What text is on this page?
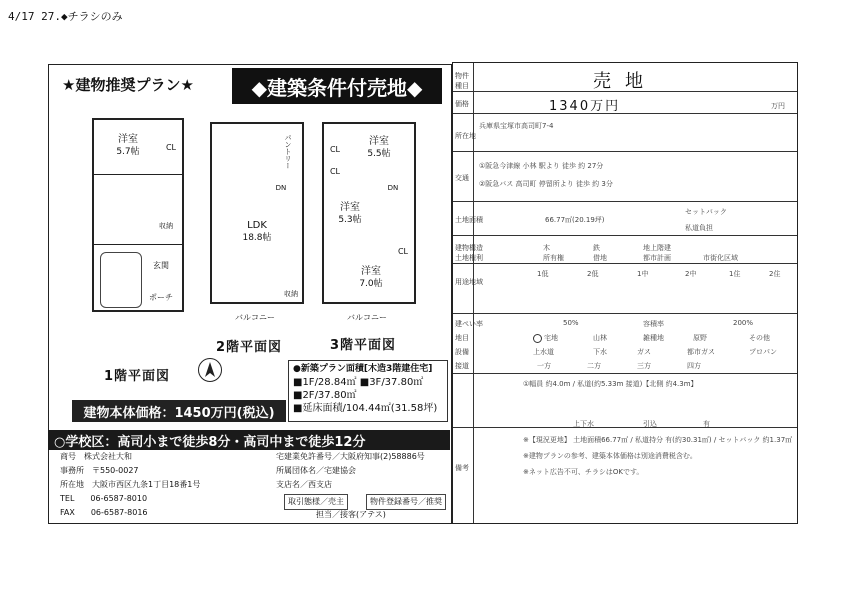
4/17 27.◆チラシのみ
★建物推奨プラン★	◆建築条件付売地◆
洋室
5.7帖	CL
玄関
ポーチ
収納
1階平面図
パントリー
LDK
18.8帖
DN
収納
バルコニー
2階平面図
洋室
5.5帖
洋室
5.3帖
洋室
7.0帖
CL
CL
CL
DN
バルコニー
3階平面図
●新築プラン面積[木造3階建住宅]
■1F/28.84㎡ ■3F/37.80㎡
■2F/37.80㎡
■延床面積/104.44㎡(31.58坪)
建物本体価格：1450万円(税込)
○学校区：高司小まで徒歩8分・高司中まで徒歩12分
商号　 株式会社大和
事務所　 〒550-0027
所在地　 大阪市西区九条1丁目18番1号
TEL　　 06-6587-8010
FAX　　 06-6587-8016
宅建業免許番号／大阪府知事(2)58886号
所属団体名／宅建協会
支店名／西支店
取引態様／売主	物件登録番号／推奨
担当／接客(アテス)
物件種目	売地
価格	1340万円	万円
所在地
兵庫県宝塚市高司町7-4
交通
①阪急今津線 小林 駅より 徒歩 約 27分
②阪急バス 高司町 停留所より 徒歩 約 3分
土地面積	66.77㎡(20.19坪)
セットバック
私道負担
建物構造	木	鉄	地上階建
土地権利	所有権	借地	都市計画	市街化区域
用途地域
1低	2低	1中	2中	1住	2住
建ぺい率	50%	容積率	200%
地目	宅地	山林	雑種地	原野	その他
設備	上水道	下水	ガス	都市ガス	プロパン
接道	一方	二方	三方	四方
①幅員 約4.0m / 私道(約5.33m 接道)【北側 約4.3m】
上下水	引込	有
備考
※【現況更地】 土地面積66.77㎡ / 私道持分 有(約30.31㎡) / セットバック 約1.37㎡
※建物プランの参考、建築本体価格は別途消費税含む。
※ネット広告不可、チラシはOKです。
